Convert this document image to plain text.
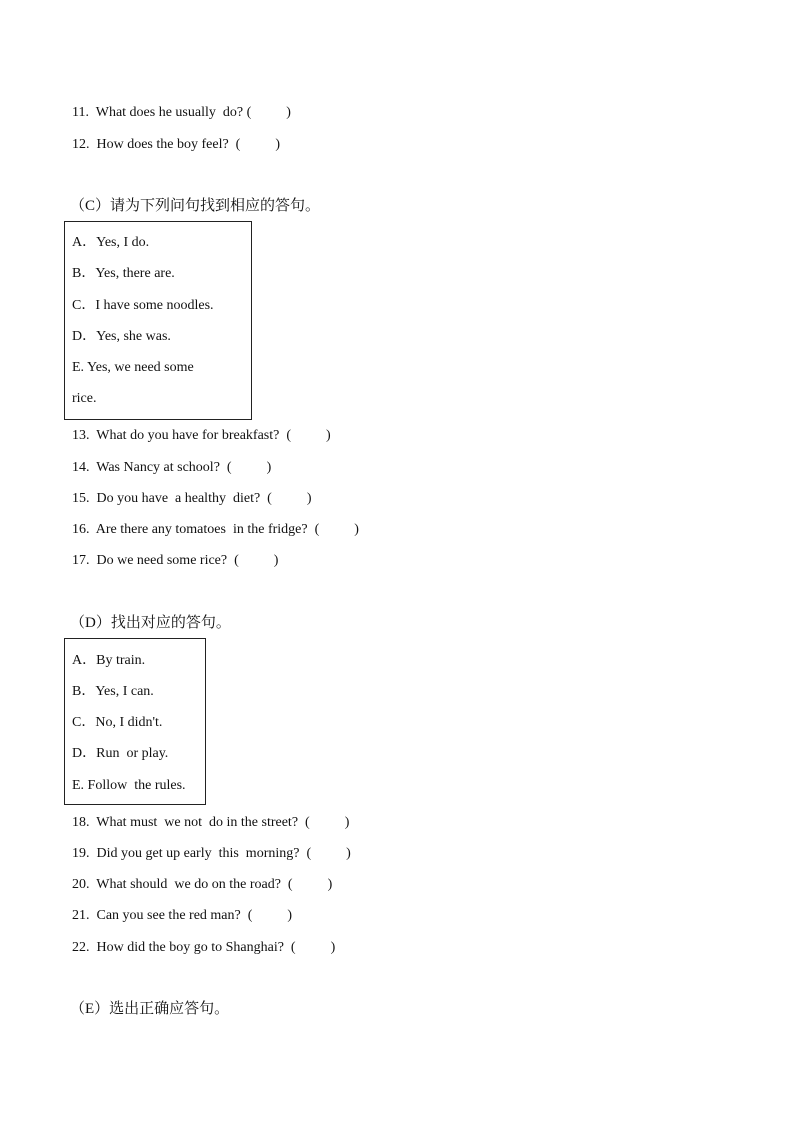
11.  What does he usually  do? (          )
12.  How does the boy feel?  (          )
（C）请为下列问句找到相应的答句。
A．Yes, I do.
B．Yes, there are.
C．I have some noodles.
D．Yes, she was.
E. Yes, we need some
rice.
13.  What do you have for breakfast?  (          )
14.  Was Nancy at school?  (          )
15.  Do you have  a healthy  diet?  (          )
16.  Are there any tomatoes  in the fridge?  (          )
17.  Do we need some rice?  (          )
（D）找出对应的答句。
A．By train.
B．Yes, I can.
C．No, I didn't.
D．Run  or play.
E. Follow  the rules.
18.  What must  we not  do in the street?  (          )
19.  Did you get up early  this  morning?  (          )
20.  What should  we do on the road?  (          )
21.  Can you see the red man?  (          )
22.  How did the boy go to Shanghai?  (          )
（E）选出正确应答句。
